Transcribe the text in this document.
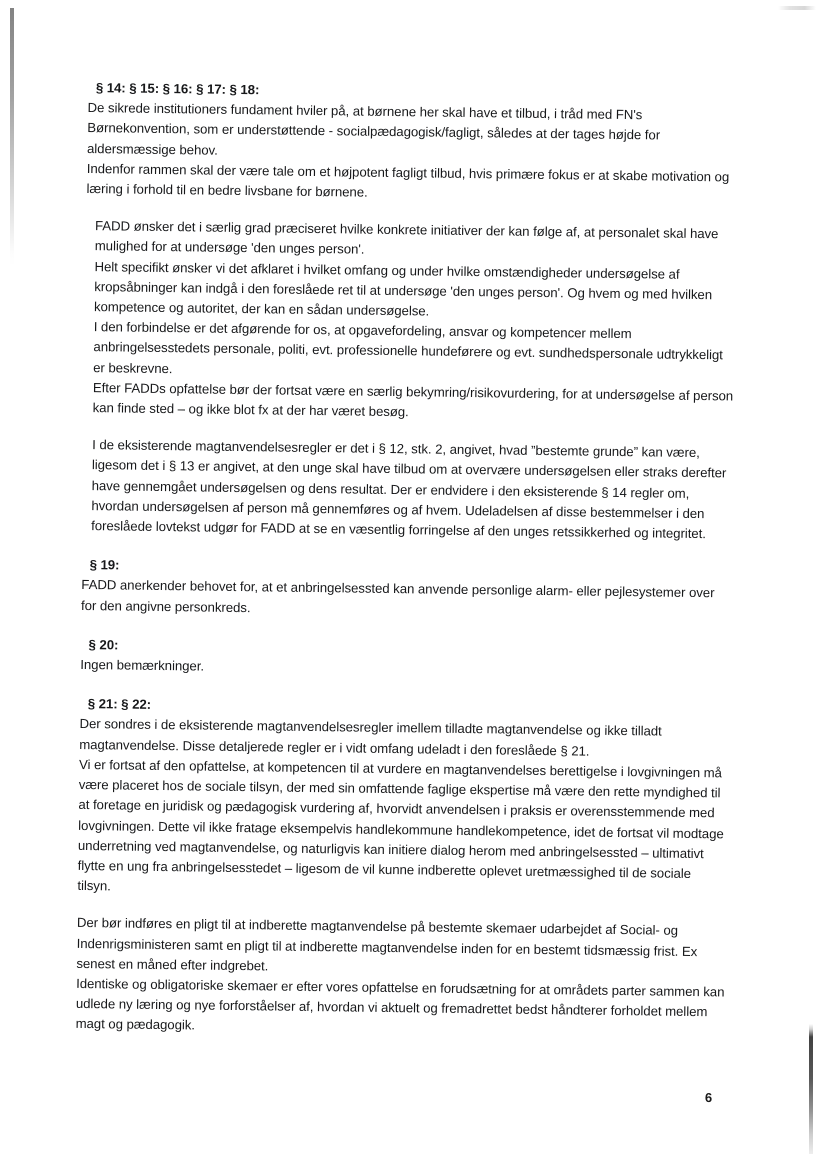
§ 14: § 15: § 16: § 17: § 18:

De sikrede institutioners fundament hviler på, at børnene her skal have et tilbud, i tråd med FN's Børnekonvention, som er understøttende - socialpædagogisk/fagligt, således at der tages højde for aldersmæssige behov.

Indenfor rammen skal der være tale om et højpotent fagligt tilbud, hvis primære fokus er at skabe motivation og læring i forhold til en bedre livsbane for børnene.

FADD ønsker det i særlig grad præciseret hvilke konkrete initiativer der kan følge af, at personalet skal have mulighed for at undersøge 'den unges person'.

Helt specifikt ønsker vi det afklaret i hvilket omfang og under hvilke omstændigheder undersøgelse af kropsåbninger kan indgå i den foreslåede ret til at undersøge 'den unges person'. Og hvem og med hvilken kompetence og autoritet, der kan en sådan undersøgelse.

I den forbindelse er det afgørende for os, at opgavefordeling, ansvar og kompetencer mellem anbringelsesstedets personale, politi, evt. professionelle hundeførere og evt. sundhedspersonale udtrykkeligt er beskrevne.

Efter FADDs opfattelse bør der fortsat være en særlig bekymring/risikovurdering, for at undersøgelse af person kan finde sted – og ikke blot fx at der har været besøg.

I de eksisterende magtanvendelsesregler er det i § 12, stk. 2, angivet, hvad ”bestemte grunde” kan være, ligesom det i § 13 er angivet, at den unge skal have tilbud om at overvære undersøgelsen eller straks derefter have gennemgået undersøgelsen og dens resultat. Der er endvidere i den eksisterende § 14 regler om, hvordan undersøgelsen af person må gennemføres og af hvem. Udeladelsen af disse bestemmelser i den foreslåede lovtekst udgør for FADD at se en væsentlig forringelse af den unges retssikkerhed og integritet.

§ 19:

FADD anerkender behovet for, at et anbringelsessted kan anvende personlige alarm- eller pejlesystemer over for den angivne personkreds.

§ 20:

Ingen bemærkninger.

§ 21: § 22:

Der sondres i de eksisterende magtanvendelsesregler imellem tilladte magtanvendelse og ikke tilladt magtanvendelse. Disse detaljerede regler er i vidt omfang udeladt i den foreslåede § 21.

Vi er fortsat af den opfattelse, at kompetencen til at vurdere en magtanvendelses berettigelse i lovgivningen må være placeret hos de sociale tilsyn, der med sin omfattende faglige ekspertise må være den rette myndighed til at foretage en juridisk og pædagogisk vurdering af, hvorvidt anvendelsen i praksis er overensstemmende med lovgivningen. Dette vil ikke fratage eksempelvis handlekommune handlekompetence, idet de fortsat vil modtage underretning ved magtanvendelse, og naturligvis kan initiere dialog herom med anbringelsessted – ultimativt flytte en ung fra anbringelsesstedet – ligesom de vil kunne indberette oplevet uretmæssighed til de sociale tilsyn.

Der bør indføres en pligt til at indberette magtanvendelse på bestemte skemaer udarbejdet af Social- og Indenrigsministeren samt en pligt til at indberette magtanvendelse inden for en bestemt tidsmæssig frist. Ex senest en måned efter indgrebet.

Identiske og obligatoriske skemaer er efter vores opfattelse en forudsætning for at områdets parter sammen kan udlede ny læring og nye forforståelser af, hvordan vi aktuelt og fremadrettet bedst håndterer forholdet mellem magt og pædagogik.

6
